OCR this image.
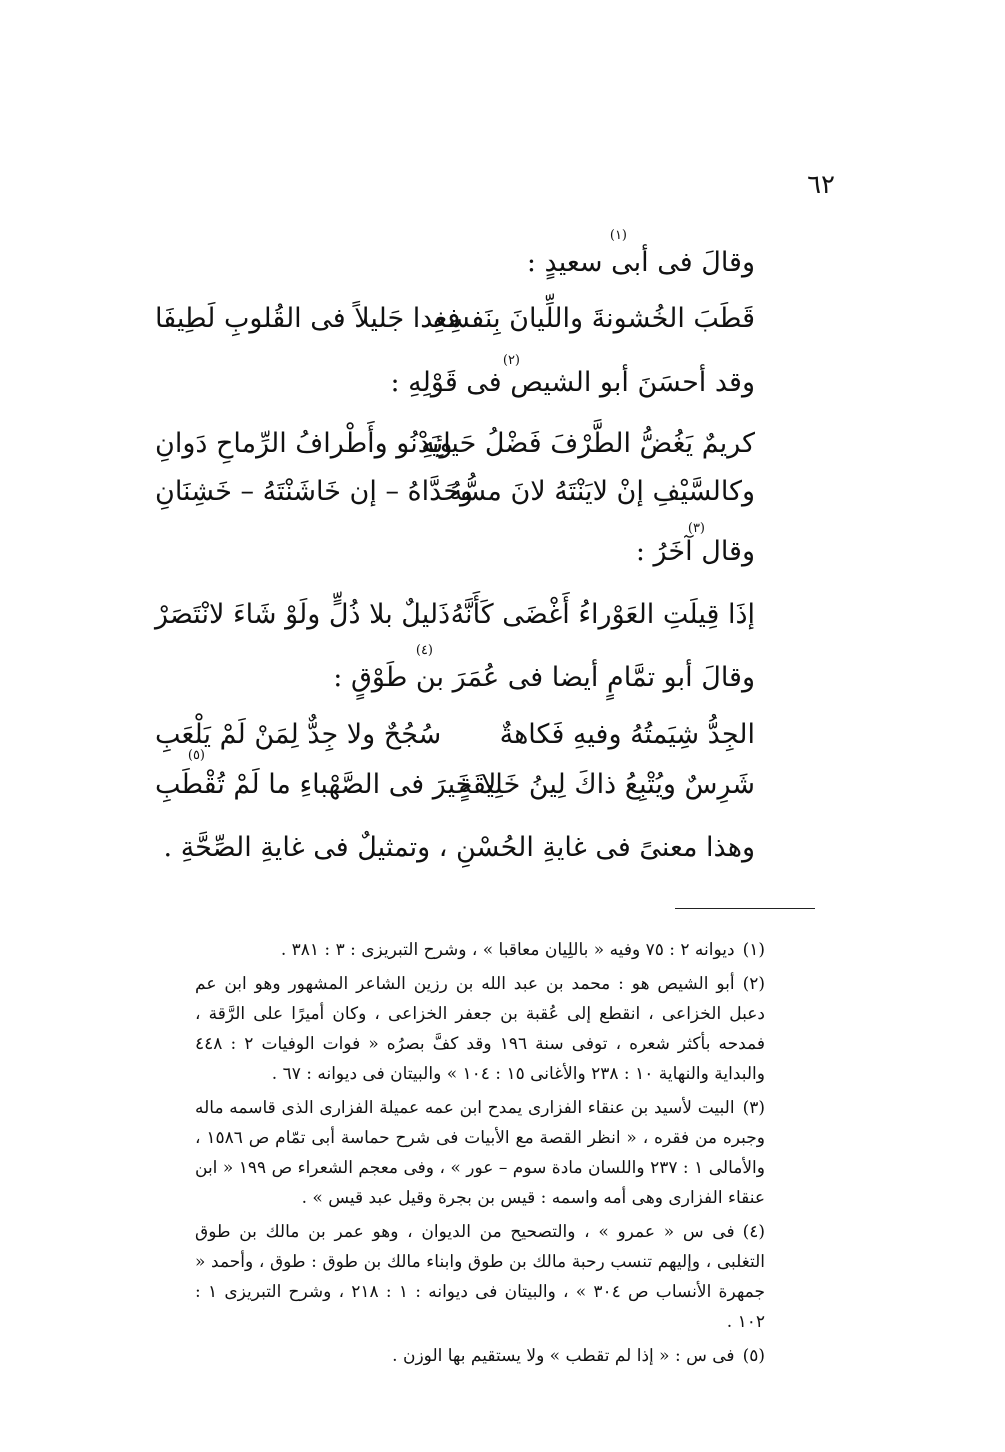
٦٢
وقالَ فى أبى سعيدٍ :
(١)
قَطَبَ الخُشونةَ واللِّيانَ بِنَفسِهِ
فغدا جَليلاً فى القُلوبِ لَطِيفَا
وقد أحسَنَ أبو الشيص فى قَوْلِهِ :
(٢)
كريمٌ يَغُضُّ الطَّرْفَ فَضْلُ حَيائِهِ
ويَدْنُو وأَطْرافُ الرِّماحِ دَوانِ
وكالسَّيْفِ إنْ لايَنْتَهُ لانَ مسُّهُ
وحَدَّاهُ – إن خَاشَنْتَهُ – خَشِنَانِ
وقال آخَرُ :
(٣)
إذَا قِيلَتِ العَوْراءُ أَغْضَى كَأَنَّهُ
ذَليلٌ بلا ذُلٍّ ولَوْ شَاءَ لانْتَصَرْ
وقالَ أبو تمَّامٍ أيضا فى عُمَرَ بن طَوْقٍ :
(٤)
الجِدُّ شِيَمتُهُ وفيهِ فَكاهةٌ
سُجُحٌ ولا جِدٌّ لِمَنْ لَمْ يَلْعَبِ
شَرِسٌ ويُتْبِعُ ذاكَ لِينُ خَلِيقَةٍ
لا خَيرَ فى الصَّهْباءِ ما لَمْ تُقْطَبِ
(٥)
وهذا معنىً فى غايةِ الحُسْنِ ، وتمثيلٌ فى غايةِ الصِّحَّةِ .

(١)ديوانه ٢ : ٧٥ وفيه « باللِيان معاقبا » ، وشرح التبريزى : ٣ : ٣٨١ .

(٢)أبو الشيص هو : محمد بن عبد الله بن رزين الشاعر المشهور وهو ابن عم دعبل الخزاعى ، انقطع إلى عُقبة بن جعفر الخزاعى ، وكان أميرًا على الرَّقة ، فمدحه بأكثر شعره ، توفى سنة ١٩٦ وقد كفَّ بصرُه « فوات الوفيات ٢ : ٤٤٨ والبداية والنهاية ١٠ : ٢٣٨ والأغانى ١٥ : ١٠٤ » والبيتان فى ديوانه : ٦٧ .

(٣)البيت لأسيد بن عنقاء الفزارى يمدح ابن عمه عميلة الفزارى الذى قاسمه ماله وجبره من فقره ، « انظر القصة مع الأبيات فى شرح حماسة أبى تمّام ص ١٥٨٦ ، والأمالى ١ : ٢٣٧ واللسان مادة سوم – عور » ، وفى معجم الشعراء ص ١٩٩ « ابن عنقاء الفزارى وهى أمه واسمه : قيس بن بجرة وقيل عبد قيس » .

(٤)فى س « عمرو » ، والتصحيح من الديوان ، وهو عمر بن مالك بن طوق التغلبى ، وإليهم تنسب رحبة مالك بن طوق وابناء مالك بن طوق : طوق ، وأحمد « جمهرة الأنساب ص ٣٠٤ » ، والبيتان فى ديوانه : ١ : ٢١٨ ، وشرح التبريزى ١ : ١٠٢ .

(٥)فى س : « إذا لم تقطب » ولا يستقيم بها الوزن .
